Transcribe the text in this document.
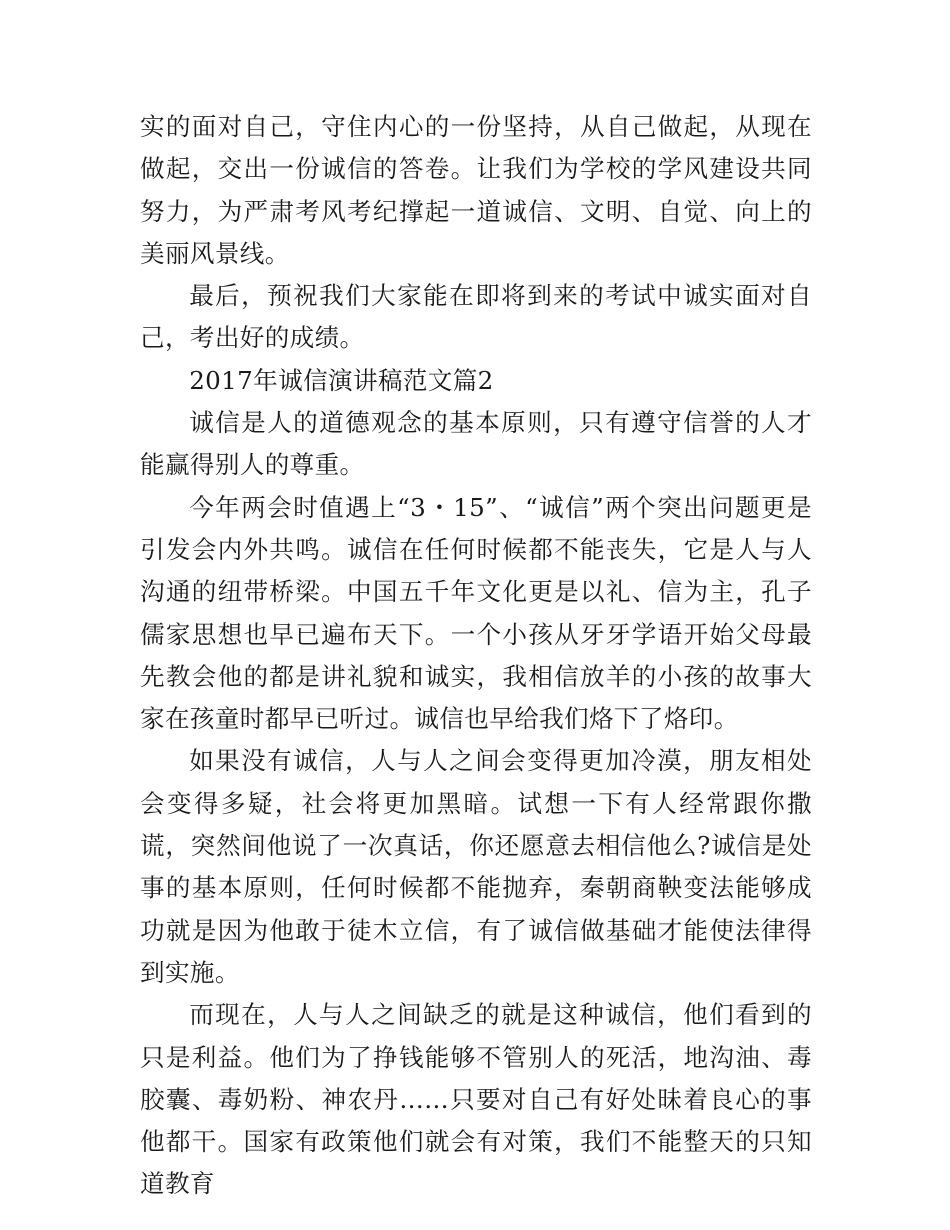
实的面对自己，守住内心的一份坚持，从自己做起，从现在做起，交出一份诚信的答卷。让我们为学校的学风建设共同努力，为严肃考风考纪撑起一道诚信、文明、自觉、向上的美丽风景线。

最后，预祝我们大家能在即将到来的考试中诚实面对自己，考出好的成绩。

2017年诚信演讲稿范文篇2

诚信是人的道德观念的基本原则，只有遵守信誉的人才能赢得别人的尊重。

今年两会时值遇上“3・15”、“诚信”两个突出问题更是引发会内外共鸣。诚信在任何时候都不能丧失，它是人与人沟通的纽带桥梁。中国五千年文化更是以礼、信为主，孔子儒家思想也早已遍布天下。一个小孩从牙牙学语开始父母最先教会他的都是讲礼貌和诚实，我相信放羊的小孩的故事大家在孩童时都早已听过。诚信也早给我们烙下了烙印。

如果没有诚信，人与人之间会变得更加冷漠，朋友相处会变得多疑，社会将更加黑暗。试想一下有人经常跟你撒谎，突然间他说了一次真话，你还愿意去相信他么?诚信是处事的基本原则，任何时候都不能抛弃，秦朝商鞅变法能够成功就是因为他敢于徒木立信，有了诚信做基础才能使法律得到实施。

而现在，人与人之间缺乏的就是这种诚信，他们看到的只是利益。他们为了挣钱能够不管别人的死活，地沟油、毒胶囊、毒奶粉、神农丹……只要对自己有好处昧着良心的事他都干。国家有政策他们就会有对策，我们不能整天的只知道教育
